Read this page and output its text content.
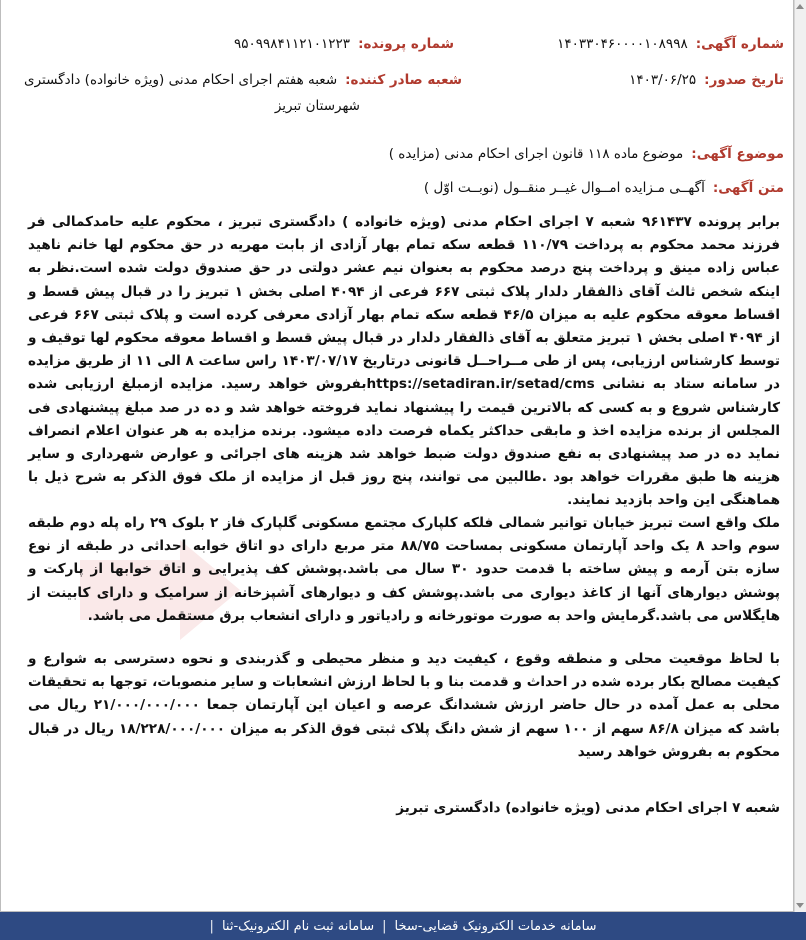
شماره آگهی:۱۴۰۳۳۰۴۶۰۰۰۰۱۰۸۹۹۸
شماره پرونده:۹۵۰۹۹۸۴۱۱۲۱۰۱۲۲۳
تاریخ صدور:۱۴۰۳/۰۶/۲۵
شعبه صادر کننده:شعبه هفتم اجرای احکام مدنی (ویژه خانواده) دادگستری
شهرستان تبریز
موضوع آگهی:موضوع ماده ۱۱۸ قانون اجرای احکام مدنی (مزایده )
متن آگهی:آگهــی مـزایده امــوال غیــر منقــول (نوبــت اوّل )
برابر پرونده ۹۶۱۴۳۷ شعبه ۷ اجرای احکام مدنی (ویژه خانواده ) دادگستری تبریز ، محکوم علیه حامدکمالی فر فرزند محمد محکوم به پرداخت ۱۱۰/۷۹ قطعه سکه تمام بهار آزادی از بابت مهریه در حق محکوم لها خانم ناهید عباس زاده مینق و پرداخت پنج درصد محکوم به بعنوان نیم عشر دولتی در حق صندوق دولت شده است.نظر به اینکه شخص ثالث آقای ذالفقار دلدار پلاک ثبتی ۶۶۷ فرعی از ۴۰۹۴ اصلی بخش ۱ تبریز را در قبال پیش قسط و اقساط معوقه محکوم علیه به میزان ۴۶/۵ قطعه سکه تمام بهار آزادی معرفی کرده است و پلاک ثبتی ۶۶۷ فرعی از ۴۰۹۴ اصلی بخش ۱ تبریز متعلق به آقای ذالفقار دلدار در قبال پیش قسط و اقساط معوقه محکوم لها توقیف و توسط کارشناس ارزیابی، پس از طی مــراحــل قانونی درتاریخ ۱۴۰۳/۰۷/۱۷ راس ساعت ۸ الی ۱۱ از طریق مزایده در سامانه ستاد به نشانی https://setadiran.ir/setad/cmsبفروش خواهد رسید. مزایده ازمبلغ ارزیابی شده کارشناس شروع و به کسی که بالاترین قیمت را پیشنهاد نماید فروخته خواهد شد و ده در صد مبلغ پیشنهادی فی المجلس از برنده مزایده اخذ و مابقی حداکثر یکماه فرصت داده میشود. برنده مزایده به هر عنوان اعلام انصراف نماید ده در صد پیشنهادی به نفع صندوق دولت ضبط خواهد شد هزینه های اجرائی و عوارض شهرداری و سایر هزینه ها طبق مقررات خواهد بود .طالبین می توانند، پنج روز قبل از مزایده از ملک فوق الذکر به شرح ذیل با هماهنگی این واحد بازدید نمایند.
ملک واقع است تبریز خیابان توانیر شمالی فلکه کلپارک مجتمع مسکونی گلپارک فاز ۲ بلوک ۲۹ راه پله دوم طبقه سوم واحد ۸ یک واحد آپارتمان مسکونی بمساحت ۸۸/۷۵ متر مربع دارای دو اتاق خوابه احداثی در طبقه از نوع سازه بتن آرمه و پیش ساخته با قدمت حدود ۳۰ سال می باشد.پوشش کف پذیرایی و اتاق خوابها از پارکت و پوشش دیوارهای آنها از کاغذ دیواری می باشد.پوشش کف و دیوارهای آشپزخانه از سرامیک و دارای کابینت از هایگلاس می باشد.گرمایش واحد به صورت موتورخانه و رادیاتور و دارای انشعاب برق مستقمل می باشد.
با لحاظ موقعیت محلی و منطقه وقوع ، کیفیت دید و منظر محیطی و گذربندی و نحوه دسترسی به شوارع و کیفیت مصالح بکار برده شده در احداث و قدمت بنا و با لحاظ ارزش انشعابات و سایر منصوبات، توجها به تحقیقات محلی به عمل آمده در حال حاضر ارزش ششدانگ عرصه و اعیان این آپارتمان جمعا ۲۱/۰۰۰/۰۰۰/۰۰۰ ریال می باشد که میزان ۸۶/۸ سهم از ۱۰۰ سهم از شش دانگ پلاک ثبتی فوق الذکر به میزان ۱۸/۲۲۸/۰۰۰/۰۰۰ ریال در قبال محکوم به بفروش خواهد رسید
شعبه ۷ اجرای احکام مدنی (ویژه خانواده) دادگستری تبریز
سامانه خدمات الکترونیک قضایی-سخا
|
سامانه ثبت نام الکترونیک-ثنا
|
